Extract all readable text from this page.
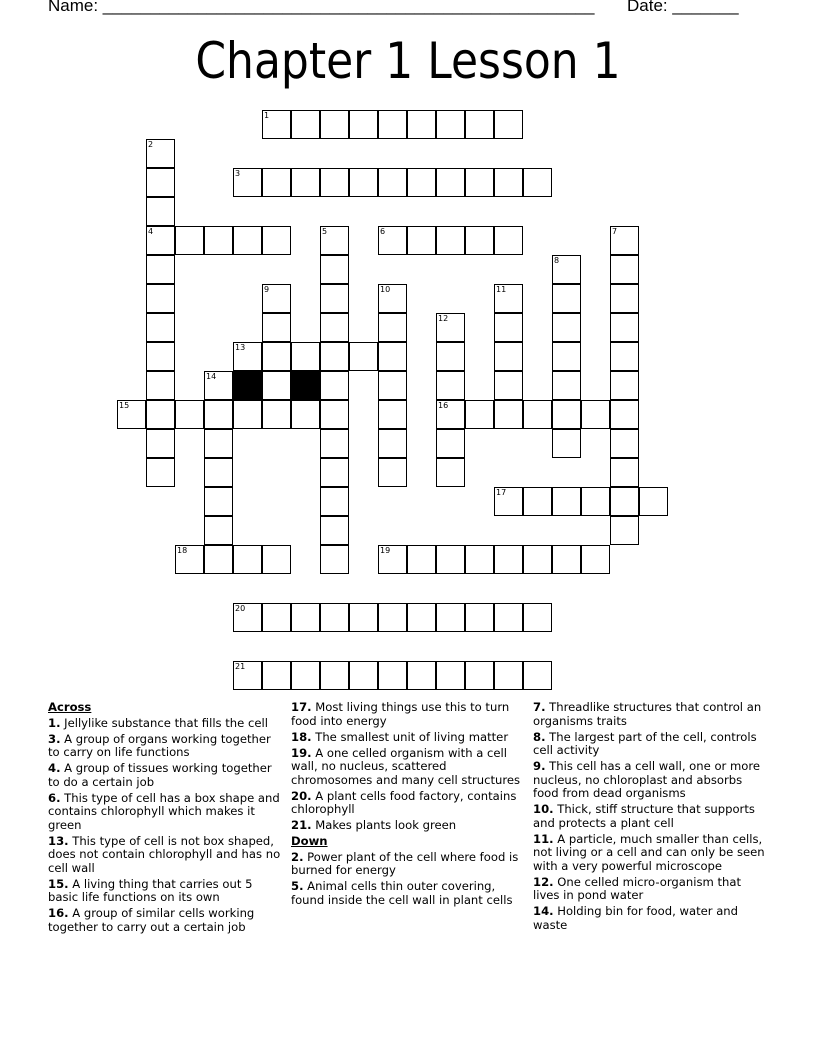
Name: ____________________________________________________ Date: _______
Chapter 1 Lesson 1
1
2
4
3
5	6	7
8
9	10	11
12
16
13
14
15
17
18	19
20
21
Across
1. Jellylike substance that fills the cell
3. A group of organs working together to carry on life functions
4. A group of tissues working together to do a certain job
6. This type of cell has a box shape and contains chlorophyll which makes it green
13. This type of cell is not box shaped, does not contain chlorophyll and has no cell wall
15. A living thing that carries out 5 basic life functions on its own
16. A group of similar cells working together to carry out a certain job
17. Most living things use this to turn food into energy
18. The smallest unit of living matter
19. A one celled organism with a cell wall, no nucleus, scattered chromosomes and many cell structures
20. A plant cells food factory, contains chlorophyll
21. Makes plants look green
Down
2. Power plant of the cell where food is burned for energy
5. Animal cells thin outer covering, found inside the cell wall in plant cells
7. Threadlike structures that control an organisms traits
8. The largest part of the cell, controls cell activity
9. This cell has a cell wall, one or more nucleus, no chloroplast and absorbs food from dead organisms
10. Thick, stiff structure that supports and protects a plant cell
11. A particle, much smaller than cells, not living or a cell and can only be seen with a very powerful microscope
12. One celled micro-organism that lives in pond water
14. Holding bin for food, water and waste
